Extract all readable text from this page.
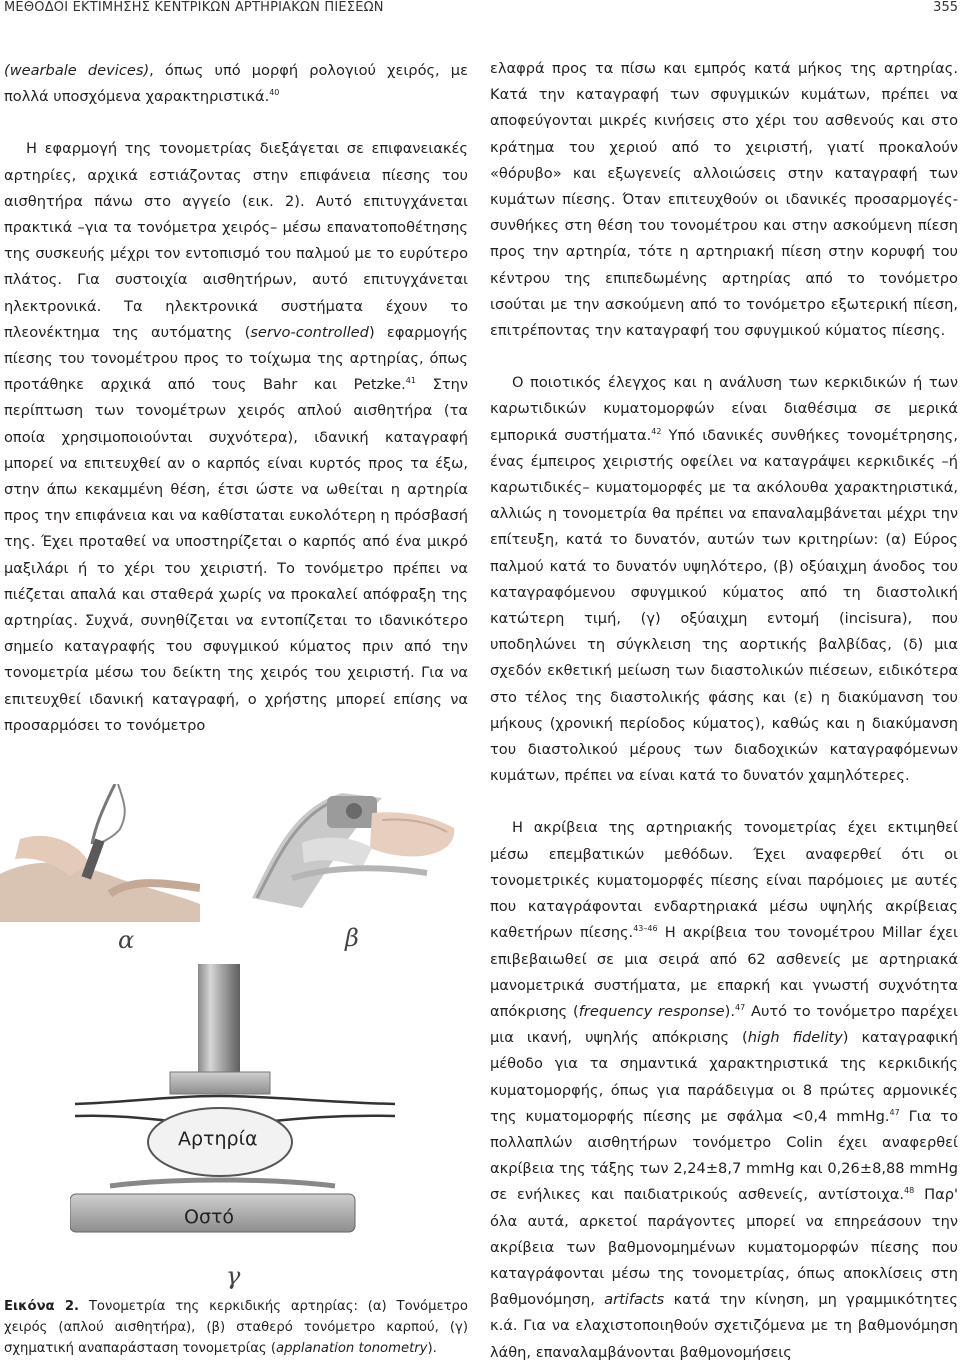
ΜΕΘΟΔΟΙ ΕΚΤΙΜΗΣΗΣ ΚΕΝΤΡΙΚΩΝ ΑΡΤΗΡΙΑΚΩΝ ΠΙΕΣΕΩΝ	355

(wearbale devices), όπως υπό μορφή ρολογιού χειρός, με πολλά υποσχόμενα χαρακτηριστικά.$^{40}$

Η εφαρμογή της τονομετρίας διεξάγεται σε επιφανειακές αρτηρίες, αρχικά εστιάζοντας στην επιφάνεια πίεσης του αισθητήρα πάνω στο αγγείο (εικ. 2). Αυτό επιτυγχάνεται πρακτικά –για τα τονόμετρα χειρός– μέσω επανατοποθέτησης της συσκευής μέχρι τον εντοπισμό του παλμού με το ευρύτερο πλάτος. Για συστοιχία αισθητήρων, αυτό επιτυγχάνεται ηλεκτρονικά. Τα ηλεκτρονικά συστήματα έχουν το πλεονέκτημα της αυτόματης (servo-controlled) εφαρμογής πίεσης του τονομέτρου προς το τοίχωμα της αρτηρίας, όπως προτάθηκε αρχικά από τους Bahr και Petzke.$^{41}$ Στην περίπτωση των τονομέτρων χειρός απλού αισθητήρα (τα οποία χρησιμοποιούνται συχνότερα), ιδανική καταγραφή μπορεί να επιτευχθεί αν ο καρπός είναι κυρτός προς τα έξω, στην άπω κεκαμμένη θέση, έτσι ώστε να ωθείται η αρτηρία προς την επιφάνεια και να καθίσταται ευκολότερη η πρόσβασή της. Έχει προταθεί να υποστηρίζεται ο καρπός από ένα μικρό μαξιλάρι ή το χέρι του χειριστή. Το τονόμετρο πρέπει να πιέζεται απαλά και σταθερά χωρίς να προκαλεί απόφραξη της αρτηρίας. Συχνά, συνηθίζεται να εντοπίζεται το ιδανικότερο σημείο καταγραφής του σφυγμικού κύματος πριν από την τονομετρία μέσω του δείκτη της χειρός του χειριστή. Για να επιτευχθεί ιδανική καταγραφή, ο χρήστης μπορεί επίσης να προσαρμόσει το τονόμετρο

α	β
Αρτηρία
Οστό
γ
Εικόνα 2. Τονομετρία της κερκιδικής αρτηρίας: (α) Τονόμετρο χειρός (απλού αισθητήρα), (β) σταθερό τονόμετρο καρπού, (γ) σχηματική αναπαράσταση τονομετρίας (applanation tonometry).

ελαφρά προς τα πίσω και εμπρός κατά μήκος της αρτηρίας. Κατά την καταγραφή των σφυγμικών κυμάτων, πρέπει να αποφεύγονται μικρές κινήσεις στο χέρι του ασθενούς και στο κράτημα του χεριού από το χειριστή, γιατί προκαλούν «θόρυβο» και εξωγενείς αλλοιώσεις στην καταγραφή των κυμάτων πίεσης. Όταν επιτευχθούν οι ιδανικές προσαρμογές-συνθήκες στη θέση του τονομέτρου και στην ασκούμενη πίεση προς την αρτηρία, τότε η αρτηριακή πίεση στην κορυφή του κέντρου της επιπεδωμένης αρτηρίας από το τονόμετρο ισούται με την ασκούμενη από το τονόμετρο εξωτερική πίεση, επιτρέποντας την καταγραφή του σφυγμικού κύματος πίεσης.

Ο ποιοτικός έλεγχος και η ανάλυση των κερκιδικών ή των καρωτιδικών κυματομορφών είναι διαθέσιμα σε μερικά εμπορικά συστήματα.$^{42}$ Υπό ιδανικές συνθήκες τονομέτρησης, ένας έμπειρος χειριστής οφείλει να καταγράψει κερκιδικές –ή καρωτιδικές– κυματομορφές με τα ακόλουθα χαρακτηριστικά, αλλιώς η τονομετρία θα πρέπει να επαναλαμβάνεται μέχρι την επίτευξη, κατά το δυνατόν, αυτών των κριτηρίων: (α) Εύρος παλμού κατά το δυνατόν υψηλότερο, (β) οξύαιχμη άνοδος του καταγραφόμενου σφυγμικού κύματος από τη διαστολική κατώτερη τιμή, (γ) οξύαιχμη εντομή (incisura), που υποδηλώνει τη σύγκλειση της αορτικής βαλβίδας, (δ) μια σχεδόν εκθετική μείωση των διαστολικών πιέσεων, ειδικότερα στο τέλος της διαστολικής φάσης και (ε) η διακύμανση του μήκους (χρονική περίοδος κύματος), καθώς και η διακύμανση του διαστολικού μέρους των διαδοχικών καταγραφόμενων κυμάτων, πρέπει να είναι κατά το δυνατόν χαμηλότερες.

Η ακρίβεια της αρτηριακής τονομετρίας έχει εκτιμηθεί μέσω επεμβατικών μεθόδων. Έχει αναφερθεί ότι οι τονομετρικές κυματομορφές πίεσης είναι παρόμοιες με αυτές που καταγράφονται ενδαρτηριακά μέσω υψηλής ακρίβειας καθετήρων πίεσης.$^{43-46}$ Η ακρίβεια του τονομέτρου Millar έχει επιβεβαιωθεί σε μια σειρά από 62 ασθενείς με αρτηριακά μανομετρικά συστήματα, με επαρκή και γνωστή συχνότητα απόκρισης (frequency response).$^{47}$ Αυτό το τονόμετρο παρέχει μια ικανή, υψηλής απόκρισης (high fidelity) καταγραφική μέθοδο για τα σημαντικά χαρακτηριστικά της κερκιδικής κυματομορφής, όπως για παράδειγμα οι 8 πρώτες αρμονικές της κυματομορφής πίεσης με σφάλμα <0,4 mmHg.$^{47}$ Για το πολλαπλών αισθητήρων τονόμετρο Colin έχει αναφερθεί ακρίβεια της τάξης των 2,24±8,7 mmHg και 0,26±8,88 mmHg σε ενήλικες και παιδιατρικούς ασθενείς, αντίστοιχα.$^{48}$ Παρ' όλα αυτά, αρκετοί παράγοντες μπορεί να επηρεάσουν την ακρίβεια των βαθμονομημένων κυματομορφών πίεσης που καταγράφονται μέσω της τονομετρίας, όπως αποκλίσεις στη βαθμονόμηση, artifacts κατά την κίνηση, μη γραμμικότητες κ.ά. Για να ελαχιστοποιηθούν σχετιζόμενα με τη βαθμονόμηση λάθη, επαναλαμβάνονται βαθμονομήσεις
